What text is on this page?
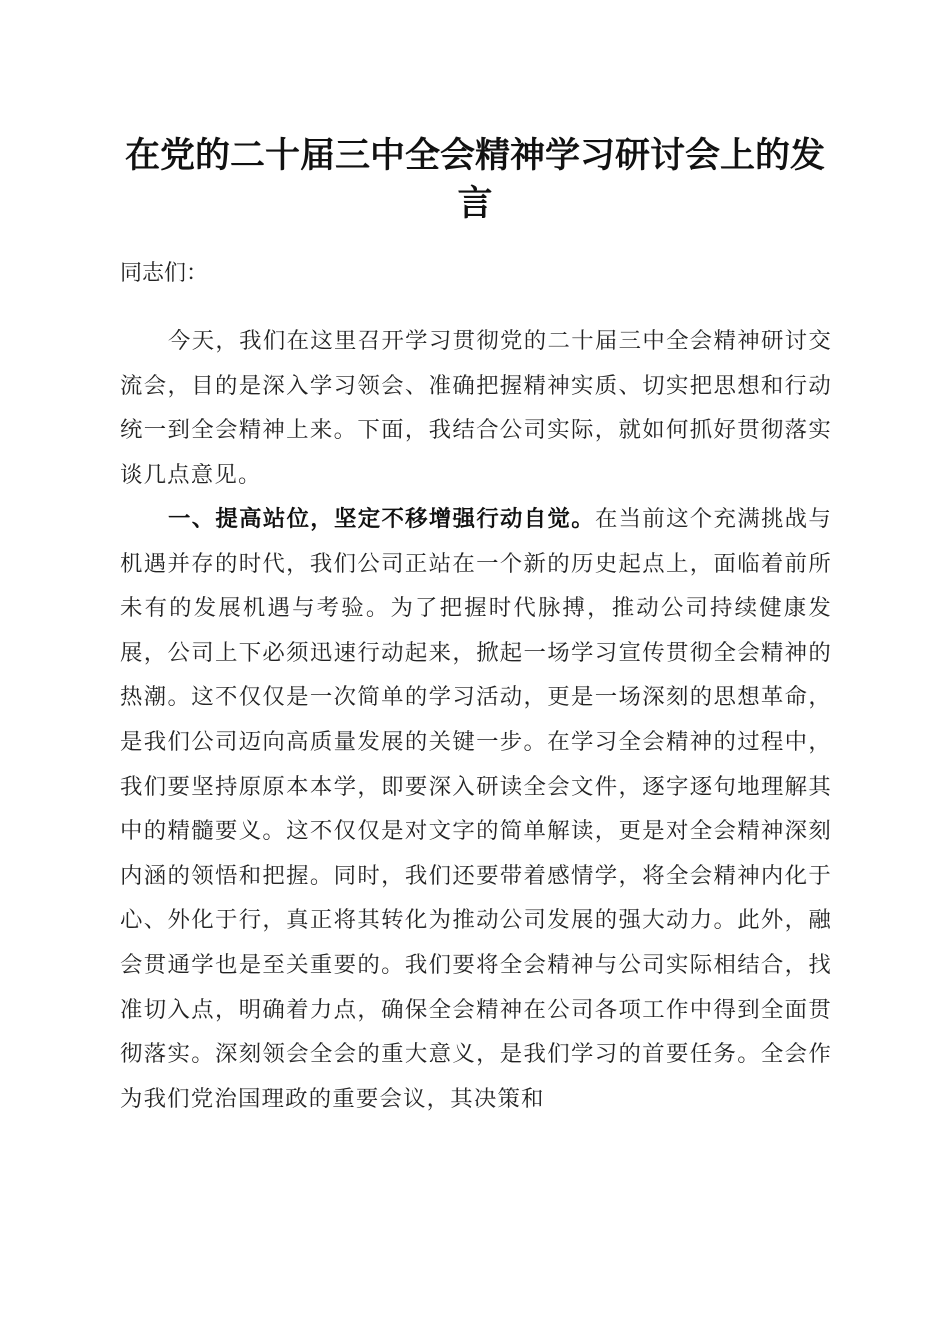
在党的二十届三中全会精神学习研讨会上的发言

同志们：

今天，我们在这里召开学习贯彻党的二十届三中全会精神研讨交流会，目的是深入学习领会、准确把握精神实质、切实把思想和行动统一到全会精神上来。下面，我结合公司实际，就如何抓好贯彻落实谈几点意见。

一、提高站位，坚定不移增强行动自觉。在当前这个充满挑战与机遇并存的时代，我们公司正站在一个新的历史起点上，面临着前所未有的发展机遇与考验。为了把握时代脉搏，推动公司持续健康发展，公司上下必须迅速行动起来，掀起一场学习宣传贯彻全会精神的热潮。这不仅仅是一次简单的学习活动，更是一场深刻的思想革命，是我们公司迈向高质量发展的关键一步。在学习全会精神的过程中，我们要坚持原原本本学，即要深入研读全会文件，逐字逐句地理解其中的精髓要义。这不仅仅是对文字的简单解读，更是对全会精神深刻内涵的领悟和把握。同时，我们还要带着感情学，将全会精神内化于心、外化于行，真正将其转化为推动公司发展的强大动力。此外，融会贯通学也是至关重要的。我们要将全会精神与公司实际相结合，找准切入点，明确着力点，确保全会精神在公司各项工作中得到全面贯彻落实。深刻领会全会的重大意义，是我们学习的首要任务。全会作为我们党治国理政的重要会议，其决策和
